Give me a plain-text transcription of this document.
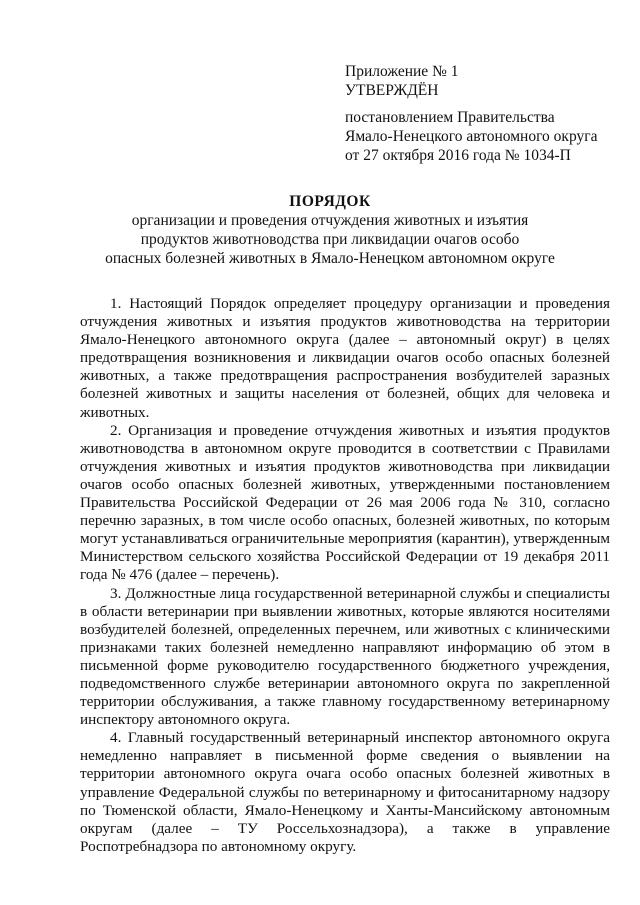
Приложение № 1
УТВЕРЖДЁН
постановлением Правительства
Ямало-Ненецкого автономного округа
от 27 октября 2016 года № 1034-П
ПОРЯДОК
организации и проведения отчуждения животных и изъятия
продуктов животноводства при ликвидации очагов особо
опасных болезней животных в Ямало-Ненецком автономном округе

1. Настоящий Порядок определяет процедуру организации и проведения отчуждения животных и изъятия продуктов животноводства на территории Ямало-Ненецкого автономного округа (далее – автономный округ) в целях предотвращения возникновения и ликвидации очагов особо опасных болезней животных, а также предотвращения распространения возбудителей заразных болезней животных и защиты населения от болезней, общих для человека и животных.

2. Организация и проведение отчуждения животных и изъятия продуктов животноводства в автономном округе проводится в соответствии с Правилами отчуждения животных и изъятия продуктов животноводства при ликвидации очагов особо опасных болезней животных, утвержденными постановлением Правительства Российской Федерации от 26 мая 2006 года № 310, согласно перечню заразных, в том числе особо опасных, болезней животных, по которым могут устанавливаться ограничительные мероприятия (карантин), утвержденным Министерством сельского хозяйства Российской Федерации от 19 декабря 2011 года № 476 (далее – перечень).

3. Должностные лица государственной ветеринарной службы и специалисты в области ветеринарии при выявлении животных, которые являются носителями возбудителей болезней, определенных перечнем, или животных с клиническими признаками таких болезней немедленно направляют информацию об этом в письменной форме руководителю государственного бюджетного учреждения, подведомственного службе ветеринарии автономного округа по закрепленной территории обслуживания, а также главному государственному ветеринарному инспектору автономного округа.

4. Главный государственный ветеринарный инспектор автономного округа немедленно направляет в письменной форме сведения о выявлении на территории автономного округа очага особо опасных болезней животных в управление Федеральной службы по ветеринарному и фитосанитарному надзору по Тюменской области, Ямало-Ненецкому и Ханты-Мансийскому автономным округам (далее – ТУ Россельхознадзора), а также в управление Роспотребнадзора по автономному округу.
